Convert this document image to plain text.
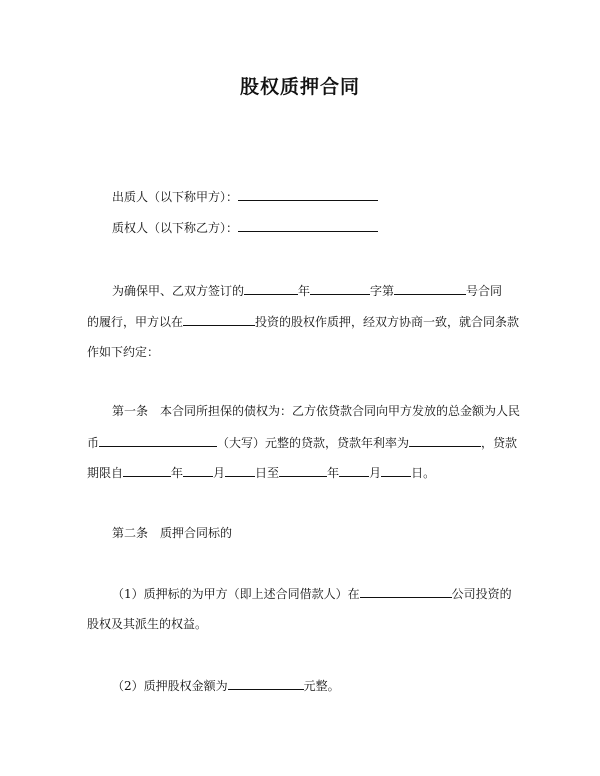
股权质押合同
出质人（以下称甲方）：
质权人（以下称乙方）：
为确保甲、乙双方签订的	年	字第	号合同
的履行，甲方以在	投资的股权作质押，经双方协商一致，就合同条款
作如下约定：
第一条　本合同所担保的债权为：乙方依贷款合同向甲方发放的总金额为人民
币	（大写）元整的贷款，贷款年利率为	，贷款
期限自	年	月	日至	年	月	日。
第二条　质押合同标的
（1）质押标的为甲方（即上述合同借款人）在	公司投资的
股权及其派生的权益。
（2）质押股权金额为	元整。
